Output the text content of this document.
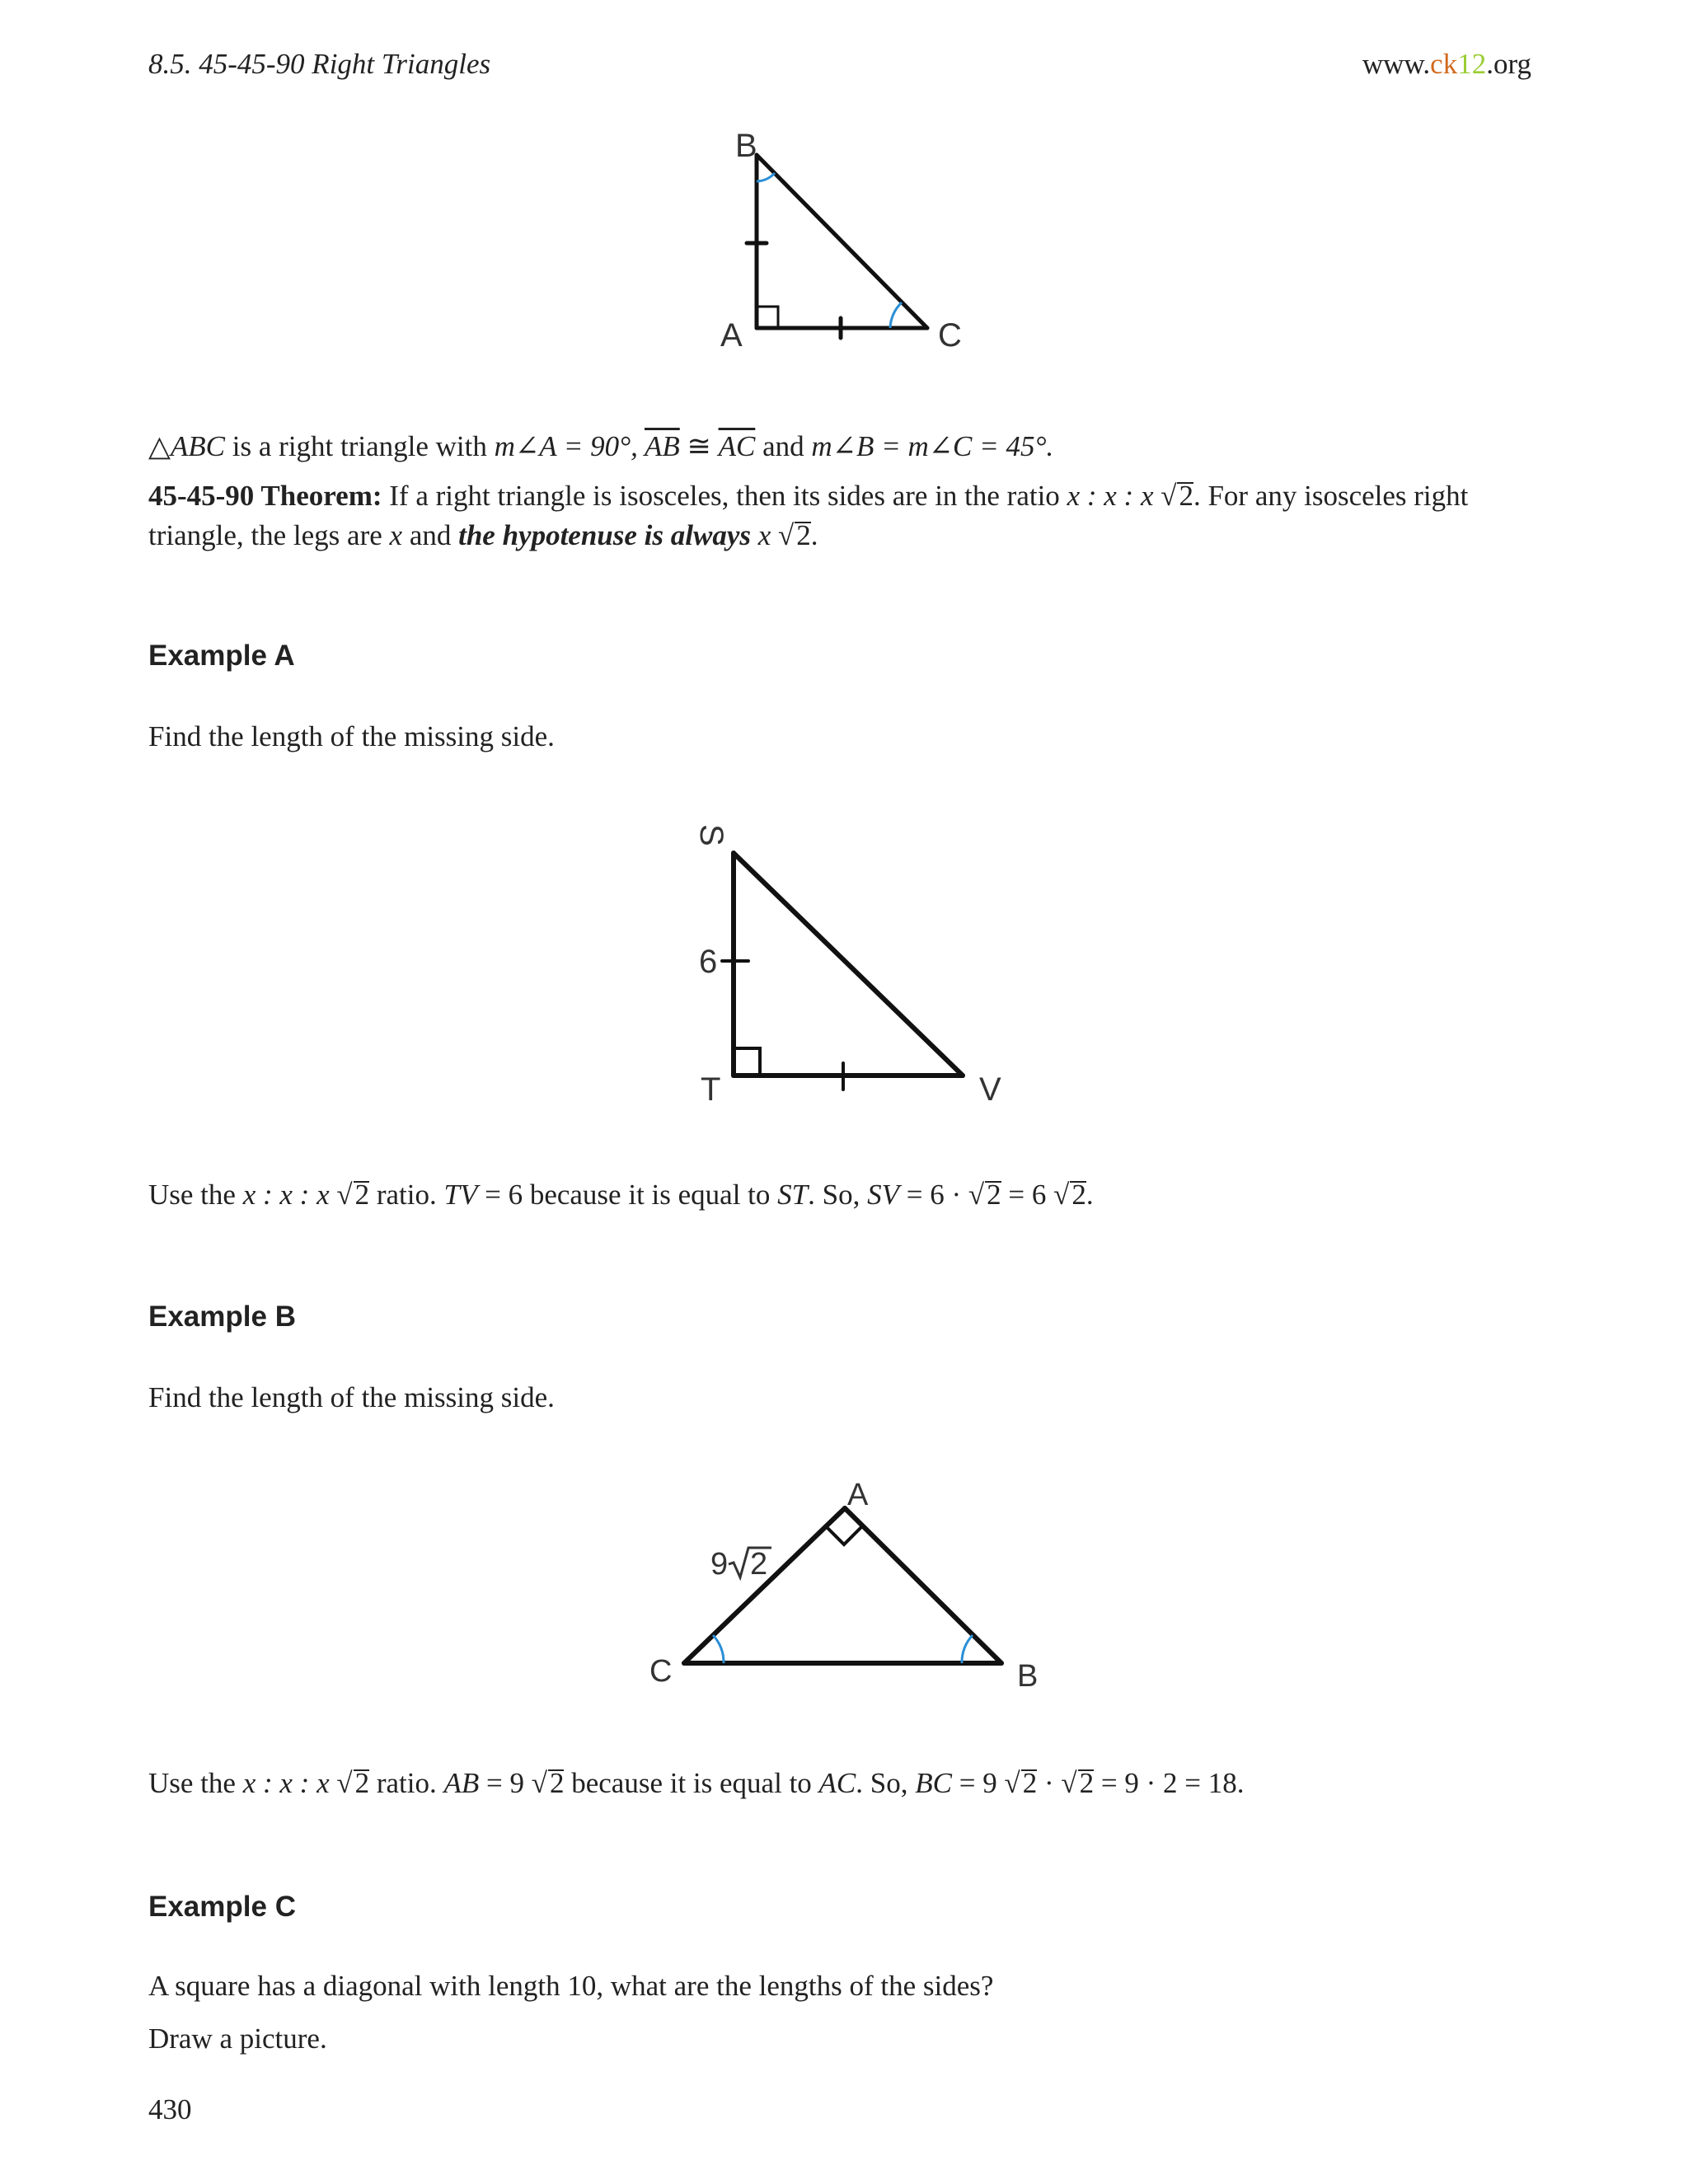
8.5. 45-45-90 Right Triangles	www.ck12.org
B
A	C
△ABC is a right triangle with m∠A = 90°, $\overline{AB}$ ≅ $\overline{AC}$ and m∠B = m∠C = 45°.
45-45-90 Theorem: If a right triangle is isosceles, then its sides are in the ratio x : x : x √2. For any isosceles right triangle, the legs are x and the hypotenuse is always x √2.
Example A
Find the length of the missing side.
S
6
T	V
Use the x : x : x √2 ratio. TV = 6 because it is equal to ST. So, SV = 6 · √2 = 6 √2.
Example B
Find the length of the missing side.
A
C	B
9 2
Use the x : x : x √2 ratio. AB = 9 √2 because it is equal to AC. So, BC = 9 √2 · √2 = 9 · 2 = 18.
Example C
A square has a diagonal with length 10, what are the lengths of the sides?
Draw a picture.
430
